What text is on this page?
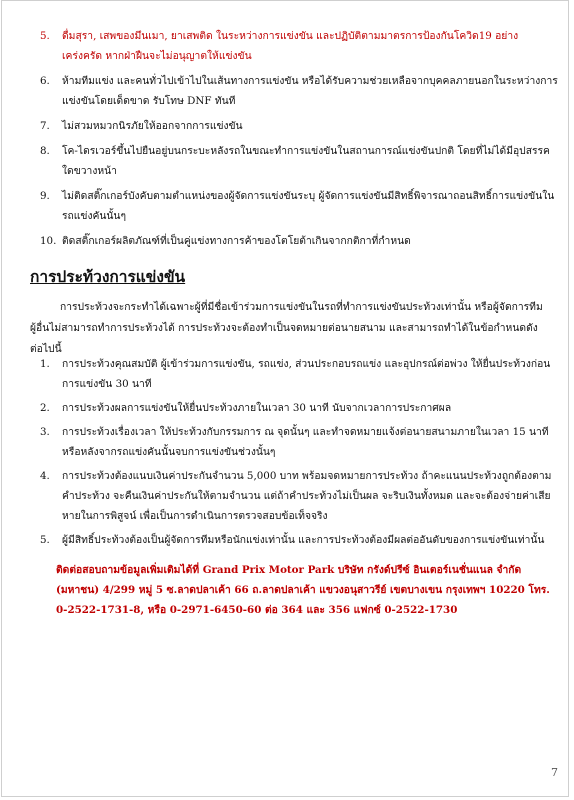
5.	ดื่มสุรา, เสพของมึนเมา, ยาเสพติด ในระหว่างการแข่งขัน และปฏิบัติตามมาตรการป้องกันโควิด19 อย่างเคร่งครัด หากฝ่าฝืนจะไม่อนุญาตให้แข่งขัน
6.	ห้ามทีมแข่ง และคนทั่วไปเข้าไปในเส้นทางการแข่งขัน หรือได้รับความช่วยเหลือจากบุคคลภายนอกในระหว่างการแข่งขันโดยเด็ดขาด รับโทษ DNF ทันที
7.	ไม่สวมหมวกนิรภัยให้ออกจากการแข่งขัน
8.	โค-ไดรเวอร์ขึ้นไปยืนอยู่บนกระบะหลังรถในขณะทำการแข่งขันในสถานการณ์แข่งขันปกติ โดยที่ไม่ได้มีอุปสรรคใดขวางหน้า
9.	ไม่ติดสติ๊กเกอร์บังคับตามตำแหน่งของผู้จัดการแข่งขันระบุ ผู้จัดการแข่งขันมีสิทธิ์พิจารณาถอนสิทธิ์การแข่งขันในรถแข่งคันนั้นๆ
10. ติดสติ๊กเกอร์ผลิตภัณฑ์ที่เป็นคู่แข่งทางการค้าของโตโยต้าเกินจากกติกาที่กำหนด
การประท้วงการแข่งขัน
การประท้วงจะกระทำได้เฉพาะผู้ที่มีชื่อเข้าร่วมการแข่งขันในรถที่ทำการแข่งขันประท้วงเท่านั้น หรือผู้จัดการทีม ผู้อื่นไม่สามารถทำการประท้วงได้ การประท้วงจะต้องทำเป็นจดหมายต่อนายสนาม และสามารถทำได้ในข้อกำหนดดังต่อไปนี้
1.	การประท้วงคุณสมบัติ ผู้เข้าร่วมการแข่งขัน, รถแข่ง, ส่วนประกอบรถแข่ง และอุปกรณ์ต่อพ่วง ให้ยื่นประท้วงก่อนการแข่งขัน 30 นาที
2.	การประท้วงผลการแข่งขันให้ยื่นประท้วงภายในเวลา 30 นาที นับจากเวลาการประกาศผล
3.	การประท้วงเรื่องเวลา ให้ประท้วงกับกรรมการ ณ จุดนั้นๆ และทำจดหมายแจ้งต่อนายสนามภายในเวลา 15 นาที หรือหลังจากรถแข่งคันนั้นจบการแข่งขันช่วงนั้นๆ
4.	การประท้วงต้องแนบเงินค่าประกันจำนวน 5,000 บาท พร้อมจดหมายการประท้วง ถ้าคะแนนประท้วงถูกต้องตามคำประท้วง จะคืนเงินค่าประกันให้ตามจำนวน แต่ถ้าคำประท้วงไม่เป็นผล จะริบเงินทั้งหมด และจะต้องจ่ายค่าเสียหายในการพิสูจน์ เพื่อเป็นการดำเนินการตรวจสอบข้อเท็จจริง
5.	ผู้มีสิทธิ์ประท้วงต้องเป็นผู้จัดการทีมหรือนักแข่งเท่านั้น และการประท้วงต้องมีผลต่ออันดับของการแข่งขันเท่านั้น
ติดต่อสอบถามข้อมูลเพิ่มเติมได้ที่ Grand Prix Motor Park บริษัท กรังด์ปรีซ์ อินเตอร์เนชั่นแนล จำกัด (มหาชน) 4/299 หมู่ 5 ซ.ลาดปลาเค้า 66 ถ.ลาดปลาเค้า แขวงอนุสาวรีย์ เขตบางเขน กรุงเทพฯ 10220 โทร. 0-2522-1731-8, หรือ 0-2971-6450-60 ต่อ 364 และ 356 แฟกซ์ 0-2522-1730
7
